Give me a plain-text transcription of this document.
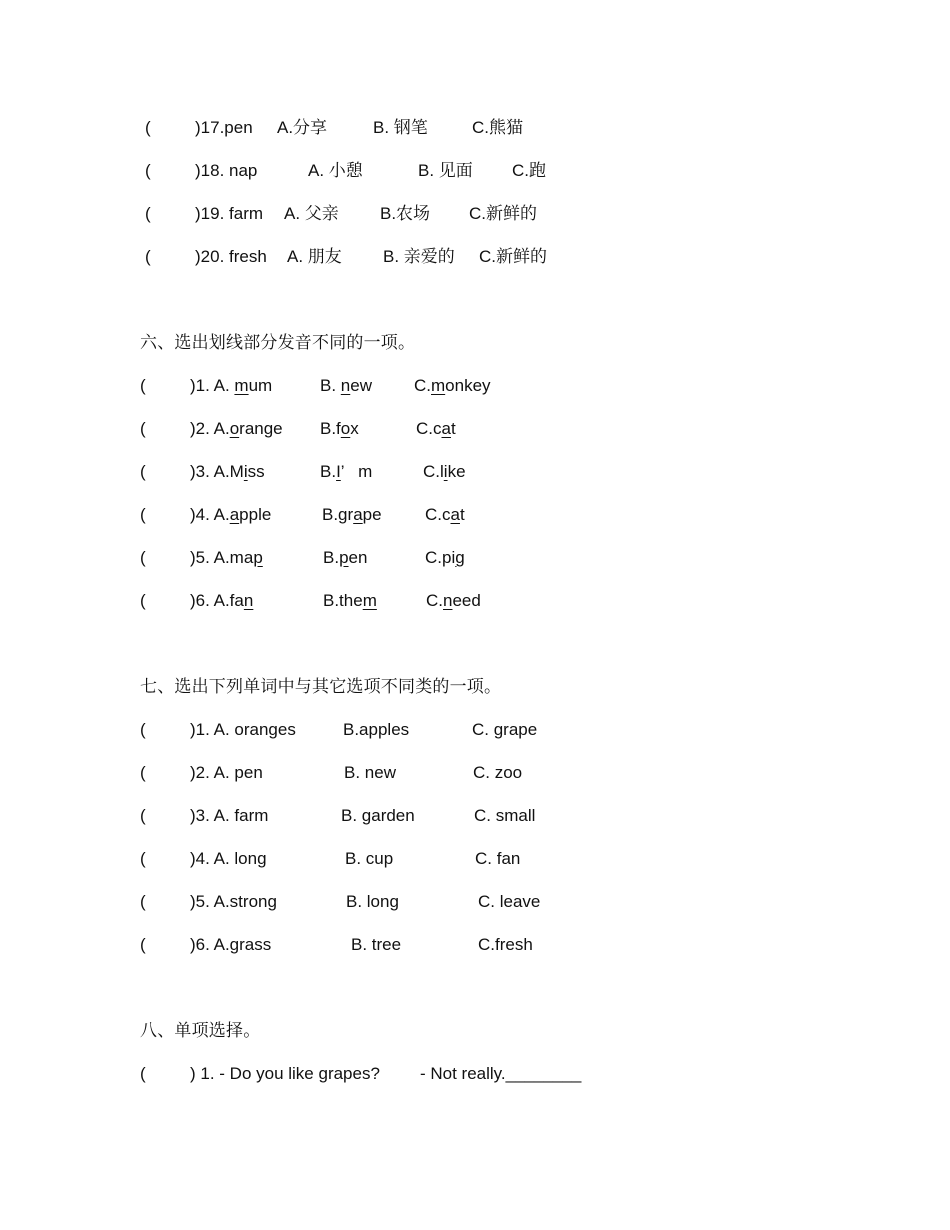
(	)17.pen A.分享	B. 钢笔	C.熊猫
(	)18. nap	A. 小憩	B. 见面 C.跑
(	)19. farm A. 父亲 B.农场 C.新鲜的
(	)20. fresh A. 朋友 B. 亲爱的 C.新鲜的
六、选出划线部分发音不同的一项。
(	)1. A. mum	B. new C.monkey
(	)2. A.orange B.fox	C.cat
(	)3. A.Miss	B.I’   m	C.like
(	)4. A.apple	B.grape	C.cat
(	)5. A.map	B.pen	C.pig
(	)6. A.fan	B.them	C.need
七、选出下列单词中与其它选项不同类的一项。
(	)1. A. oranges	B.apples	C. grape
(	)2. A. pen	B. new	C. zoo
(	)3. A. farm	B. garden	C. small
(	)4. A. long	B. cup	C. fan
(	)5. A.strong	B. long	C. leave
(	)6. A.grass	B. tree	C.fresh
八、单项选择。
(	) 1. - Do you like grapes? - Not really.________
